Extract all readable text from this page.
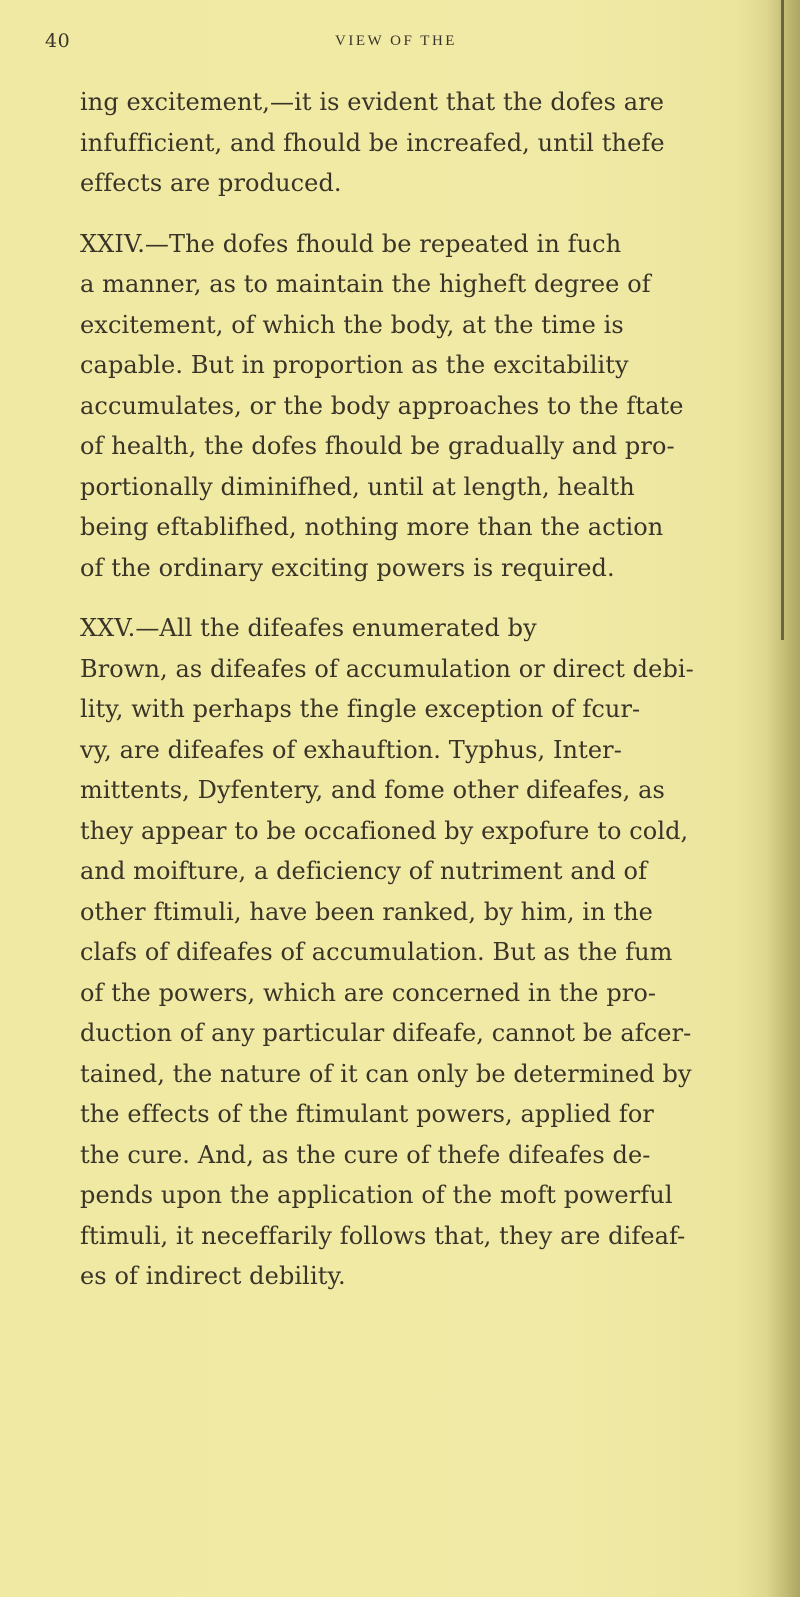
40	VIEW OF THE
ing excitement,—it is evident that the dofes are
infufficient, and fhould be increafed, until thefe
effects are produced.
XXIV.—The dofes fhould be repeated in fuch
a manner, as to maintain the higheft degree of
excitement, of which the body, at the time is
capable. But in proportion as the excitability
accumulates, or the body approaches to the ftate
of health, the dofes fhould be gradually and pro-
portionally diminifhed, until at length, health
being eftablifhed, nothing more than the action
of the ordinary exciting powers is required.
XXV.—All the difeafes enumerated by
Brown, as difeafes of accumulation or direct debi-
lity, with perhaps the fingle exception of fcur-
vy, are difeafes of exhauftion. Typhus, Inter-
mittents, Dyfentery, and fome other difeafes, as
they appear to be occafioned by expofure to cold,
and moifture, a deficiency of nutriment and of
other ftimuli, have been ranked, by him, in the
clafs of difeafes of accumulation. But as the fum
of the powers, which are concerned in the pro-
duction of any particular difeafe, cannot be afcer-
tained, the nature of it can only be determined by
the effects of the ftimulant powers, applied for
the cure. And, as the cure of thefe difeafes de-
pends upon the application of the moft powerful
ftimuli, it neceffarily follows that, they are difeaf-
es of indirect debility.
